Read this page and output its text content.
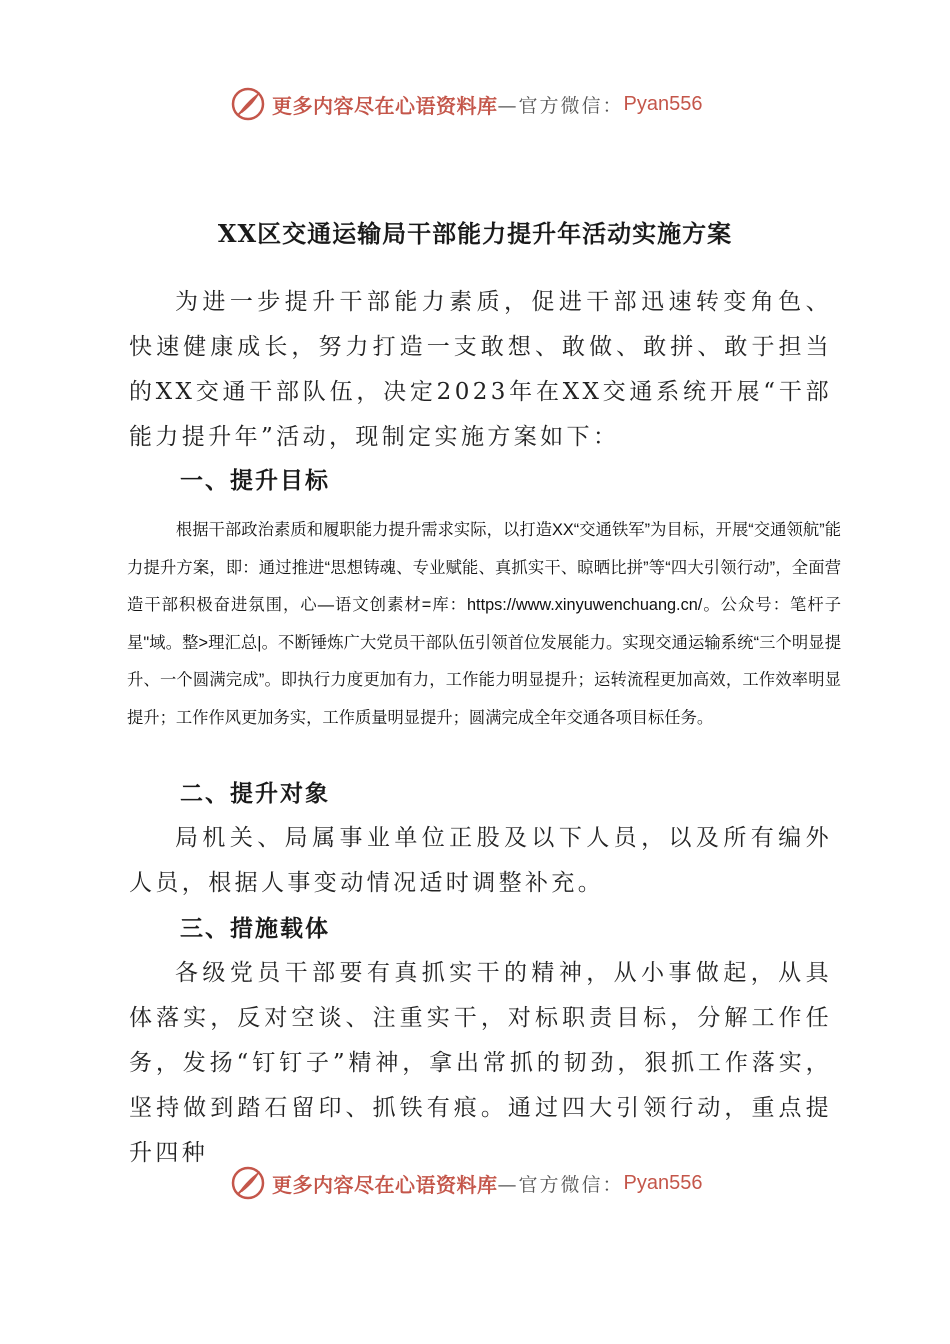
更多内容尽在心语资料库 —官方微信： Pyan556
XX区交通运输局干部能力提升年活动实施方案

为进一步提升干部能力素质，促进干部迅速转变角色、快速健康成长，努力打造一支敢想、敢做、敢拼、敢于担当的XX交通干部队伍，决定2023年在XX交通系统开展“干部能力提升年”活动，现制定实施方案如下：

一、提升目标

根据干部政治素质和履职能力提升需求实际，以打造XX“交通铁军”为目标，开展“交通领航”能力提升方案，即：通过推进“思想铸魂、专业赋能、真抓实干、晾晒比拼”等“四大引领行动”，全面营造干部积极奋进氛围，心—语文创素材=库：https://www.xinyuwenchuang.cn/。公众号：笔杆子星"域。整>理汇总|。不断锤炼广大党员干部队伍引领首位发展能力。实现交通运输系统“三个明显提升、一个圆满完成”。即执行力度更加有力，工作能力明显提升；运转流程更加高效，工作效率明显提升；工作作风更加务实，工作质量明显提升；圆满完成全年交通各项目标任务。

二、提升对象

局机关、局属事业单位正股及以下人员，以及所有编外人员，根据人事变动情况适时调整补充。

三、措施载体

各级党员干部要有真抓实干的精神，从小事做起，从具体落实，反对空谈、注重实干，对标职责目标，分解工作任务，发扬“钉钉子”精神，拿出常抓的韧劲，狠抓工作落实，坚持做到踏石留印、抓铁有痕。通过四大引领行动，重点提升四种

更多内容尽在心语资料库 —官方微信： Pyan556
